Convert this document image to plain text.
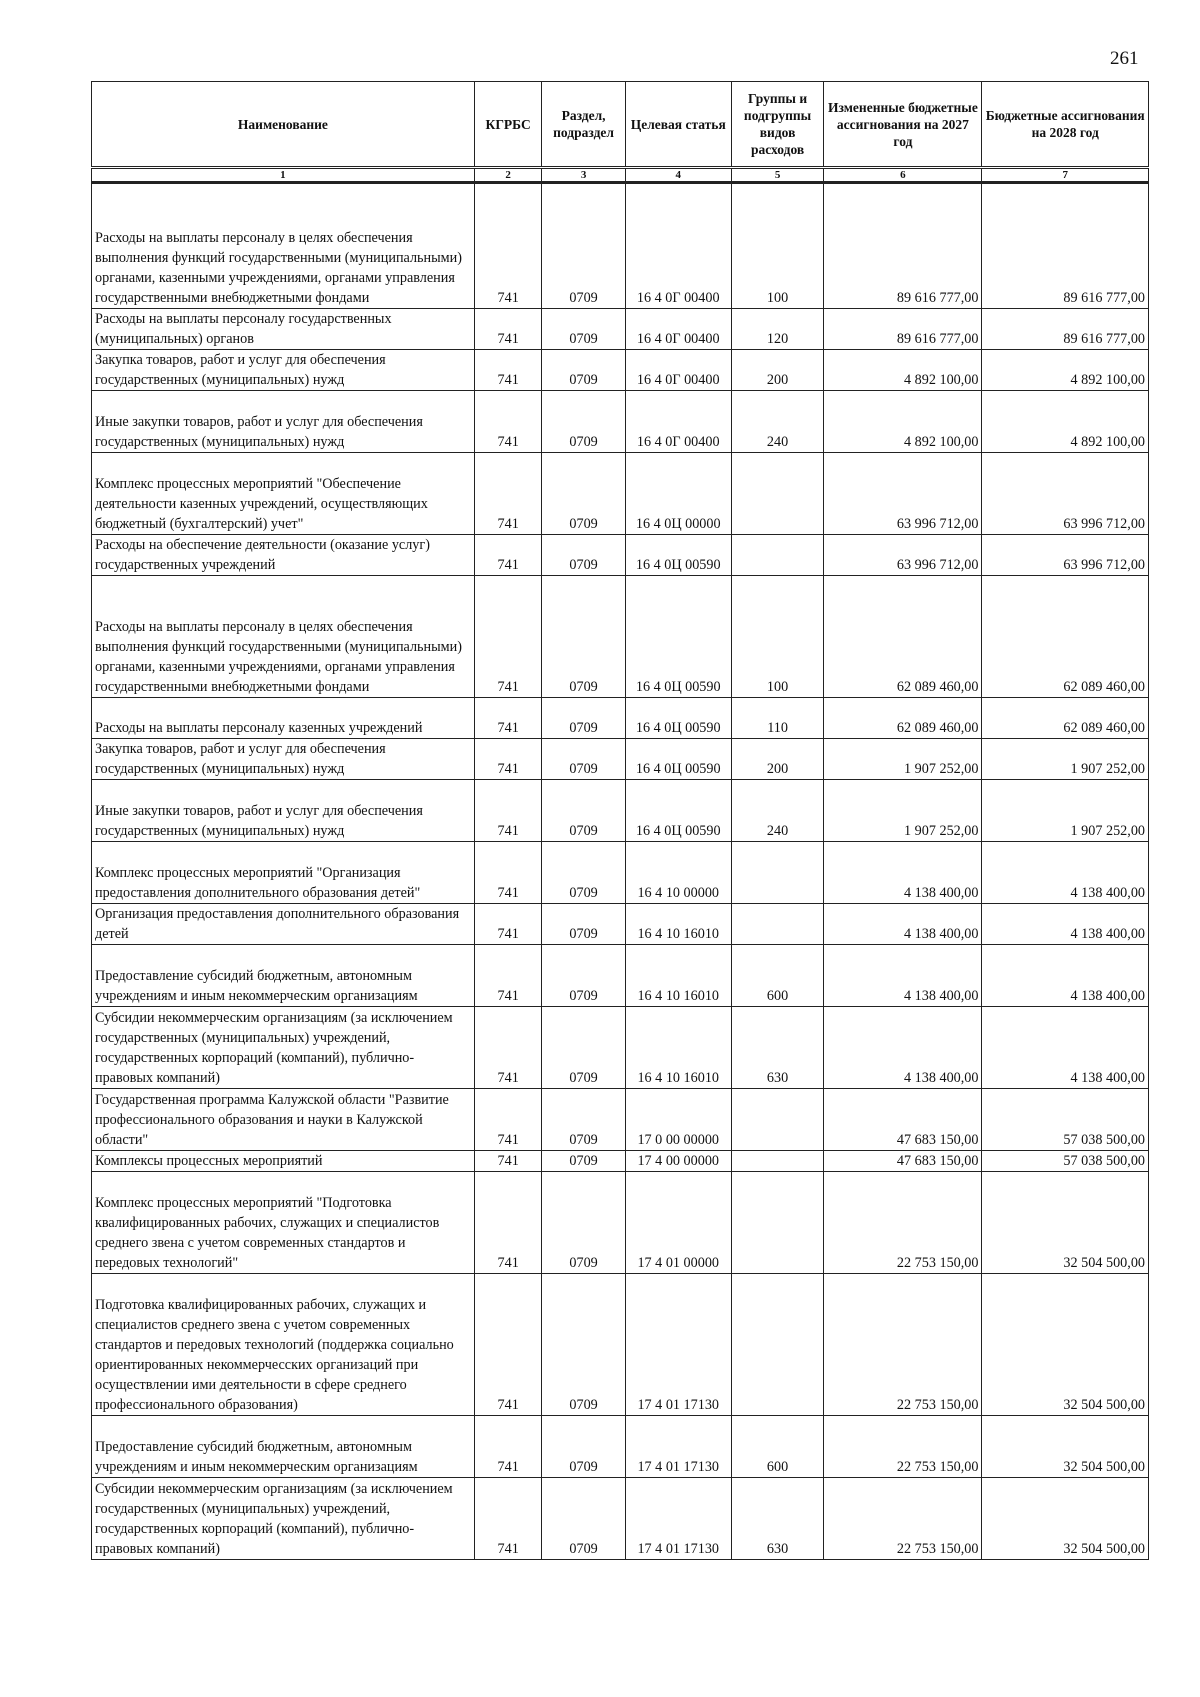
261
Наименование	КГРБС	Раздел, подраздел	Целевая статья	Группы и подгруппы видов расходов	Измененные бюджетные ассигнования на 2027 год	Бюджетные ассигнования на 2028 год
1	2	3	4	5	6	7
Расходы на выплаты персоналу в целях обеспечения выполнения функций государственными (муниципальными) органами, казенными учреждениями, органами управления государственными внебюджетными фондами	741	0709	16 4 0Г 00400	100	89 616 777,00	89 616 777,00
Расходы на выплаты персоналу государственных (муниципальных) органов	741	0709	16 4 0Г 00400	120	89 616 777,00	89 616 777,00
Закупка товаров, работ и услуг для обеспечения государственных (муниципальных) нужд	741	0709	16 4 0Г 00400	200	4 892 100,00	4 892 100,00
Иные закупки товаров, работ и услуг для обеспечения государственных (муниципальных) нужд	741	0709	16 4 0Г 00400	240	4 892 100,00	4 892 100,00
Комплекс процессных мероприятий "Обеспечение деятельности казенных учреждений, осуществляющих бюджетный (бухгалтерский) учет"	741	0709	16 4 0Ц 00000		63 996 712,00	63 996 712,00
Расходы на обеспечение деятельности (оказание услуг) государственных учреждений	741	0709	16 4 0Ц 00590		63 996 712,00	63 996 712,00
Расходы на выплаты персоналу в целях обеспечения выполнения функций государственными (муниципальными) органами, казенными учреждениями, органами управления государственными внебюджетными фондами	741	0709	16 4 0Ц 00590	100	62 089 460,00	62 089 460,00
Расходы на выплаты персоналу казенных учреждений	741	0709	16 4 0Ц 00590	110	62 089 460,00	62 089 460,00
Закупка товаров, работ и услуг для обеспечения государственных (муниципальных) нужд	741	0709	16 4 0Ц 00590	200	1 907 252,00	1 907 252,00
Иные закупки товаров, работ и услуг для обеспечения государственных (муниципальных) нужд	741	0709	16 4 0Ц 00590	240	1 907 252,00	1 907 252,00
Комплекс процессных мероприятий "Организация предоставления дополнительного образования детей"	741	0709	16 4 10 00000		4 138 400,00	4 138 400,00
Организация предоставления дополнительного образования детей	741	0709	16 4 10 16010		4 138 400,00	4 138 400,00
Предоставление субсидий бюджетным, автономным учреждениям и иным некоммерческим организациям	741	0709	16 4 10 16010	600	4 138 400,00	4 138 400,00
Субсидии некоммерческим организациям (за исключением государственных (муниципальных) учреждений, государственных корпораций (компаний), публично-правовых компаний)	741	0709	16 4 10 16010	630	4 138 400,00	4 138 400,00
Государственная программа Калужской области "Развитие профессионального образования и науки в Калужской области"	741	0709	17 0 00 00000		47 683 150,00	57 038 500,00
Комплексы процессных мероприятий	741	0709	17 4 00 00000		47 683 150,00	57 038 500,00
Комплекс процессных мероприятий "Подготовка квалифицированных рабочих, служащих и специалистов среднего звена с учетом современных стандартов и передовых технологий"	741	0709	17 4 01 00000		22 753 150,00	32 504 500,00
Подготовка квалифицированных рабочих, служащих и специалистов среднего звена с учетом современных стандартов и передовых технологий (поддержка социально ориентированных некоммерчесских организаций при осуществлении ими деятельности в сфере среднего профессионального образования)	741	0709	17 4 01 17130		22 753 150,00	32 504 500,00
Предоставление субсидий бюджетным, автономным учреждениям и иным некоммерческим организациям	741	0709	17 4 01 17130	600	22 753 150,00	32 504 500,00
Субсидии некоммерческим организациям (за исключением государственных (муниципальных) учреждений, государственных корпораций (компаний), публично-правовых компаний)	741	0709	17 4 01 17130	630	22 753 150,00	32 504 500,00
